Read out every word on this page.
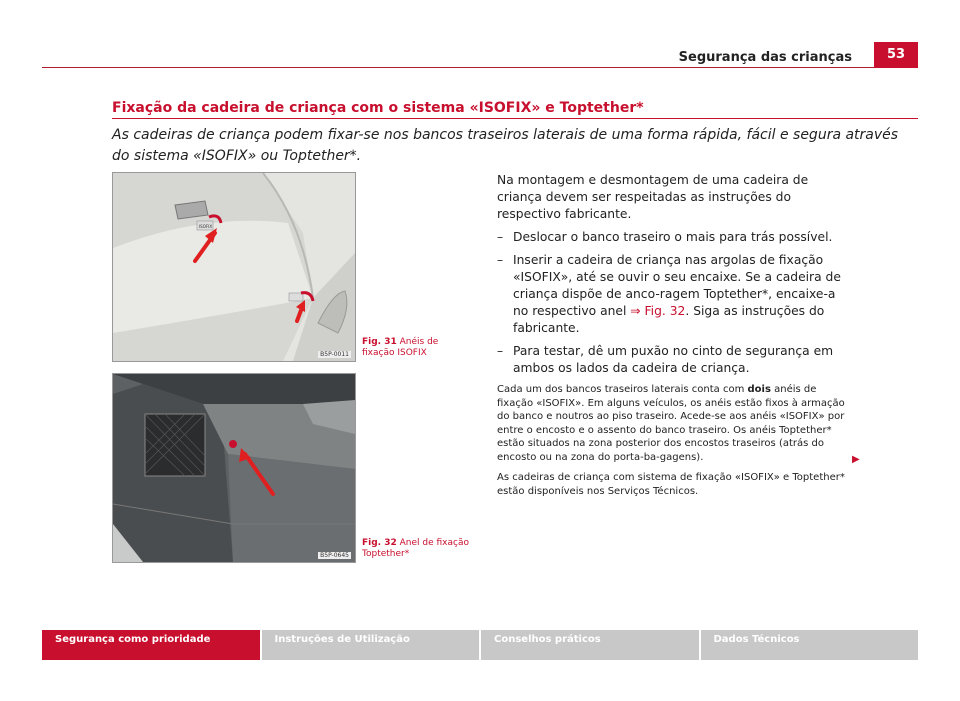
Segurança das crianças	53
Fixação da cadeira de criança com o sistema «ISOFIX» e Toptether*
As cadeiras de criança podem fixar-se nos bancos traseiros laterais de uma forma rápida, fácil e segura através do sistema «ISOFIX» ou Toptether*.
ISOFIX
B5P-0011
Fig. 31 Anéis de fixação ISOFIX
B5P-0645
Fig. 32 Anel de fixação Toptether*

Na montagem e desmontagem de uma cadeira de criança devem ser respeitadas as instruções do respectivo fabricante.

– Deslocar o banco traseiro o mais para trás possível.
– Inserir a cadeira de criança nas argolas de fixação «ISOFIX», até se ouvir o seu encaixe. Se a cadeira de criança dispõe de anco-ragem Toptether*, encaixe-a no respectivo anel ⇒ Fig. 32. Siga as instruções do fabricante.
– Para testar, dê um puxão no cinto de segurança em ambos os lados da cadeira de criança.

Cada um dos bancos traseiros laterais conta com dois anéis de fixação «ISOFIX». Em alguns veículos, os anéis estão fixos à armação do banco e noutros ao piso traseiro. Acede-se aos anéis «ISOFIX» por entre o encosto e o assento do banco traseiro. Os anéis Toptether* estão situados na zona posterior dos encostos traseiros (atrás do encosto ou na zona do porta-ba-gagens).

As cadeiras de criança com sistema de fixação «ISOFIX» e Toptether* estão disponíveis nos Serviços Técnicos.

▶
Segurança como prioridade	Instruções de Utilização	Conselhos práticos	Dados Técnicos
